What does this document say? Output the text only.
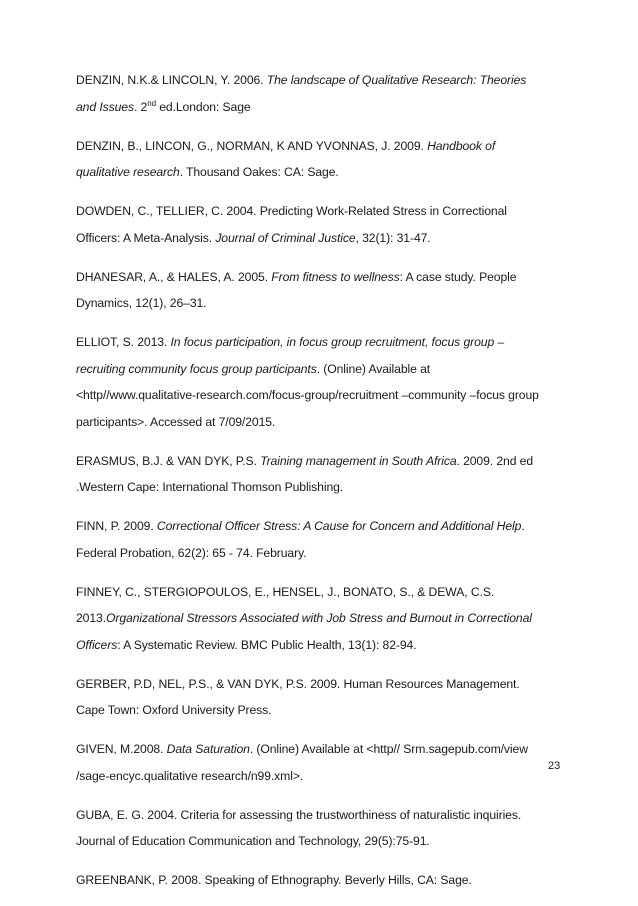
DENZIN, N.K.& LINCOLN, Y. 2006. The landscape of Qualitative Research: Theories
and Issues. 2nd ed.London: Sage
DENZIN, B., LINCON, G., NORMAN, K AND YVONNAS, J. 2009. Handbook of
qualitative research. Thousand Oakes: CA: Sage.
DOWDEN, C., TELLIER, C. 2004. Predicting Work-Related Stress in Correctional
Officers: A Meta-Analysis. Journal of Criminal Justice, 32(1): 31-47.
DHANESAR, A., & HALES, A. 2005. From fitness to wellness: A case study. People
Dynamics, 12(1), 26–31.
ELLIOT, S. 2013. In focus participation, in focus group recruitment, focus group –
recruiting community focus group participants. (Online) Available at
<http//www.qualitative-research.com/focus-group/recruitment –community –focus group
participants>. Accessed at 7/09/2015.
ERASMUS, B.J. & VAN DYK, P.S. Training management in South Africa. 2009. 2nd ed
.Western Cape: International Thomson Publishing.
FINN, P. 2009. Correctional Officer Stress: A Cause for Concern and Additional Help.
Federal Probation, 62(2): 65 - 74. February.
FINNEY, C., STERGIOPOULOS, E., HENSEL, J., BONATO, S., & DEWA, C.S.
2013.Organizational Stressors Associated with Job Stress and Burnout in Correctional
Officers: A Systematic Review. BMC Public Health, 13(1): 82-94.
GERBER, P.D, NEL, P.S., & VAN DYK, P.S. 2009. Human Resources Management.
Cape Town: Oxford University Press.
GIVEN, M.2008. Data Saturation. (Online) Available at <http// Srm.sagepub.com/view
/sage-encyc.qualitative research/n99.xml>.
GUBA, E. G. 2004. Criteria for assessing the trustworthiness of naturalistic inquiries.
Journal of Education Communication and Technology, 29(5):75-91.
GREENBANK, P. 2008. Speaking of Ethnography. Beverly Hills, CA: Sage.
23
